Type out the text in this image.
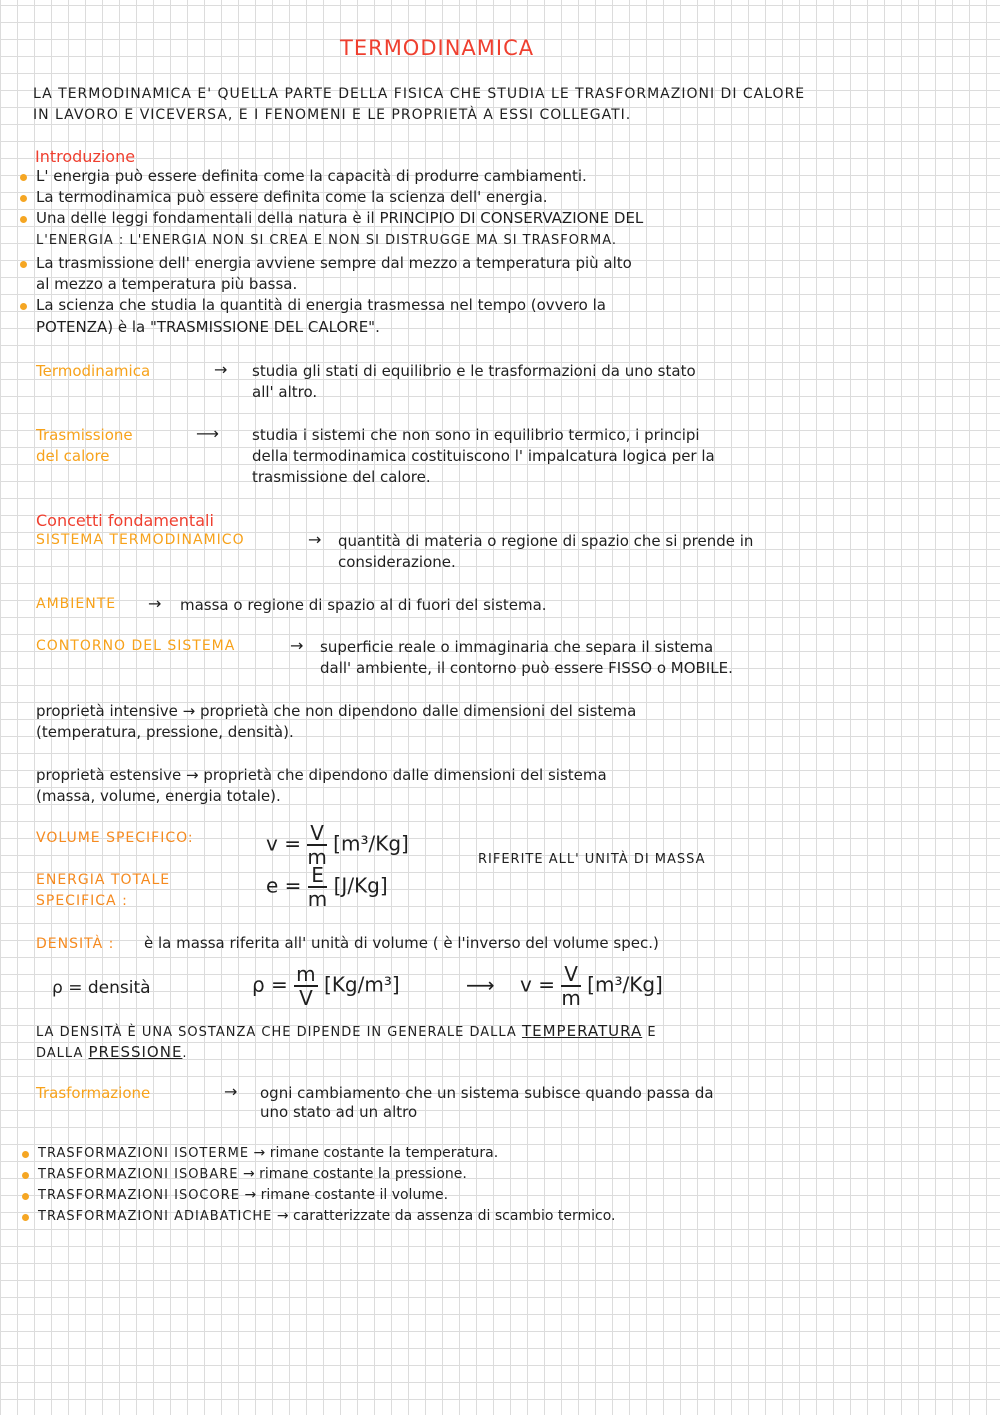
TERMODINAMICA
LA TERMODINAMICA E' QUELLA PARTE DELLA FISICA CHE STUDIA LE TRASFORMAZIONI DI CALORE
IN LAVORO E VICEVERSA, E I FENOMENI E LE PROPRIETÀ A ESSI COLLEGATI.
Introduzione
L' energia può essere definita come la capacità di produrre cambiamenti.
La termodinamica può essere definita come la scienza dell' energia.
Una delle leggi fondamentali della natura è il PRINCIPIO DI CONSERVAZIONE DEL
L'ENERGIA : L'ENERGIA NON SI CREA E NON SI DISTRUGGE MA SI TRASFORMA.
La trasmissione dell' energia avviene sempre dal mezzo a temperatura più alto
al mezzo a temperatura più bassa.
La scienza che studia la quantità di energia trasmessa nel tempo (ovvero la
POTENZA) è la "TRASMISSIONE DEL CALORE".
Termodinamica	→ studia gli stati di equilibrio e le trasformazioni da uno stato
all' altro.
Trasmissione
del calore
⟶ studia i sistemi che non sono in equilibrio termico, i principi
della termodinamica costituiscono l' impalcatura logica per la
trasmissione del calore.
Concetti fondamentali
SISTEMA TERMODINAMICO	→ quantità di materia o regione di spazio che si prende in
considerazione.
AMBIENTE → massa o regione di spazio al di fuori del sistema.
CONTORNO DEL SISTEMA	→ superficie reale o immaginaria che separa il sistema
dall' ambiente, il contorno può essere FISSO o MOBILE.
proprietà intensive → proprietà che non dipendono dalle dimensioni del sistema
(temperatura, pressione, densità).
proprietà estensive → proprietà che dipendono dalle dimensioni del sistema
(massa, volume, energia totale).
VOLUME SPECIFICO:	$v = \frac{V}{m} [m^3/Kg]$
ENERGIA TOTALE
SPECIFICA :
$e = \frac{E}{m} [J/Kg]$
RIFERITE ALL' UNITÀ DI MASSA
DENSITÀ : è la massa riferita all' unità di volume ( è l'inverso del volume spec.)
ρ = densità	$\rho = \frac{m}{V} [Kg/m^3]$	⟶ $v = \frac{V}{m} [m^3/Kg]$
LA DENSITÀ È UNA SOSTANZA CHE DIPENDE IN GENERALE DALLA TEMPERATURA E
DALLA PRESSIONE.
Trasformazione	→ ogni cambiamento che un sistema subisce quando passa da
uno stato ad un altro
TRASFORMAZIONI ISOTERME → rimane costante la temperatura.
TRASFORMAZIONI ISOBARE → rimane costante la pressione.
TRASFORMAZIONI ISOCORE → rimane costante il volume.
TRASFORMAZIONI ADIABATICHE → caratterizzate da assenza di scambio termico.
